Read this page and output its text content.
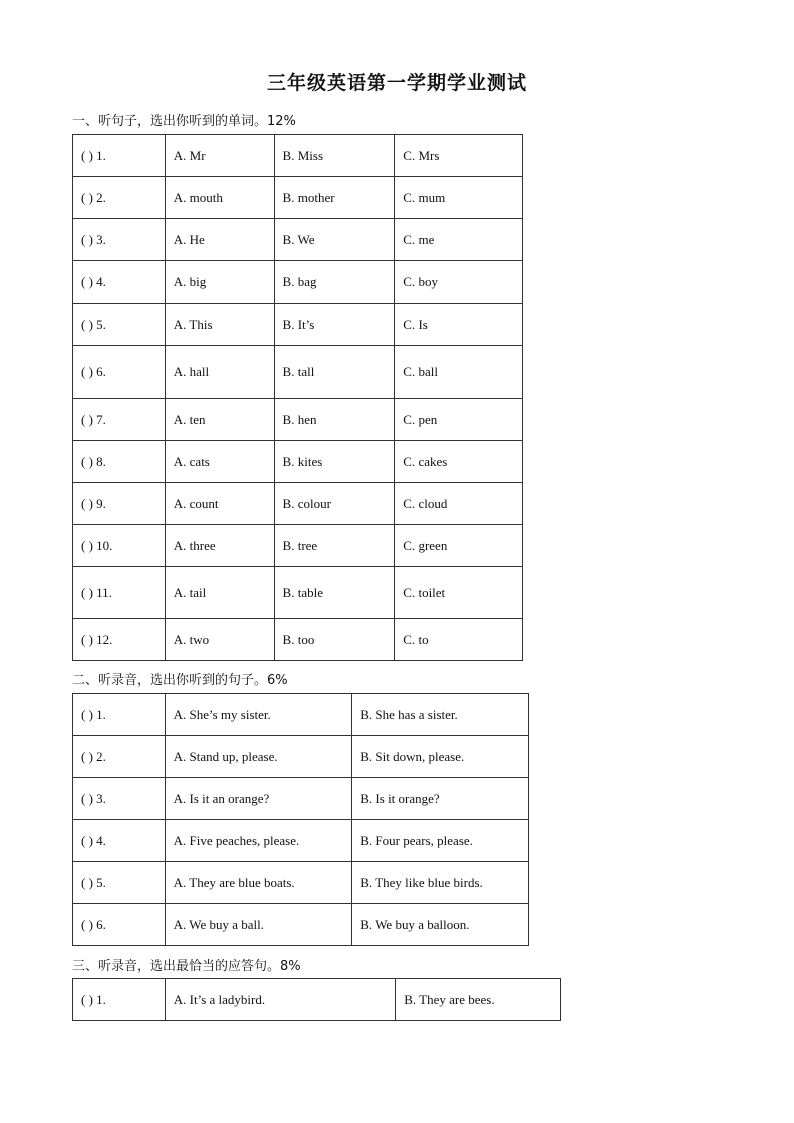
三年级英语第一学期学业测试
一、听句子，选出你听到的单词。12%
( ) 1.	A. Mr	B. Miss	C. Mrs
( ) 2.	A. mouth	B. mother	C. mum
( ) 3.	A. He	B. We	C. me
( ) 4.	A. big	B. bag	C. boy
( ) 5.	A. This	B. It’s	C. Is
( ) 6.	A. hall	B. tall	C. ball
( ) 7.	A. ten	B. hen	C. pen
( ) 8.	A. cats	B. kites	C. cakes
( ) 9.	A. count	B. colour	C. cloud
( ) 10.	A. three	B. tree	C. green
( ) 11.	A. tail	B. table	C. toilet
( ) 12.	A. two	B. too	C. to
二、听录音，选出你听到的句子。6%
( ) 1.	A. She’s my sister.	B. She has a sister.
( ) 2.	A. Stand up, please.	B. Sit down, please.
( ) 3.	A. Is it an orange?	B. Is it orange?
( ) 4.	A. Five peaches, please.	B. Four pears, please.
( ) 5.	A. They are blue boats.	B. They like blue birds.
( ) 6.	A. We buy a ball.	B. We buy a balloon.
三、听录音，选出最恰当的应答句。8%
( ) 1.	A. It’s a ladybird.	B. They are bees.
